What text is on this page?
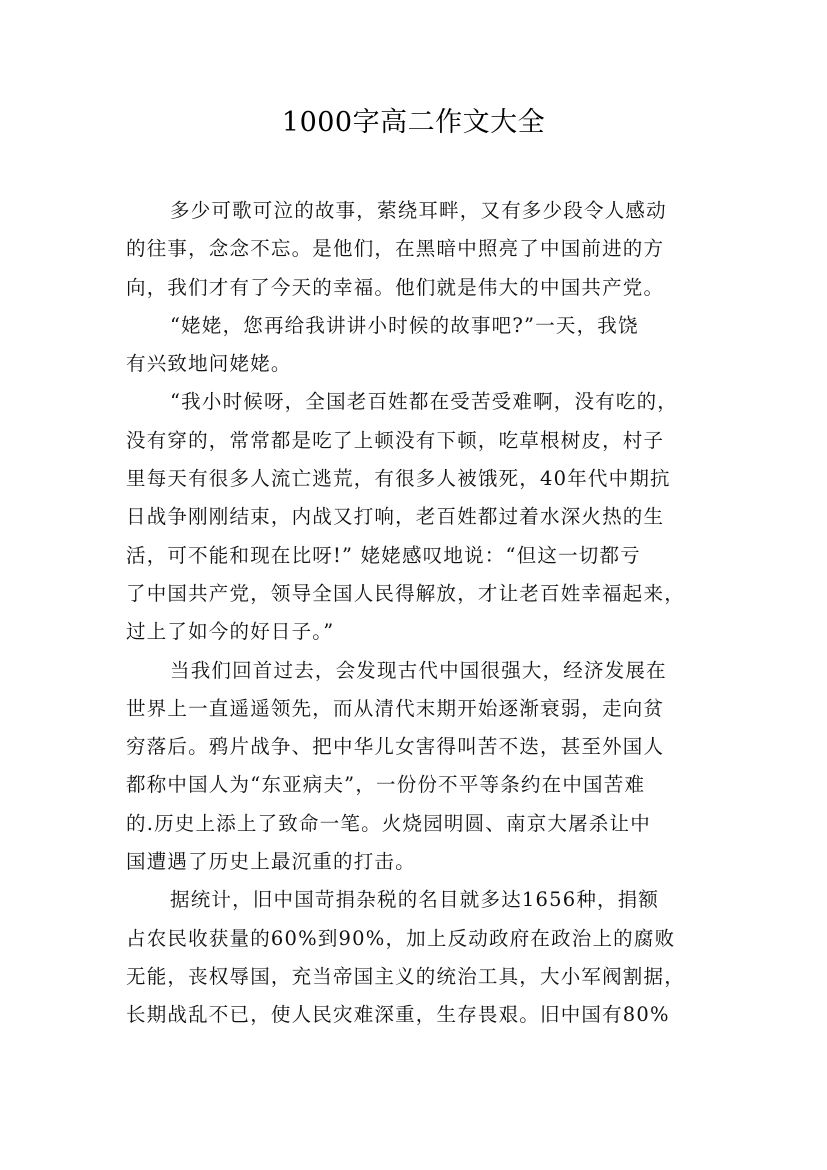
1000字高二作文大全

多少可歌可泣的故事，萦绕耳畔，又有多少段令人感动
的往事，念念不忘。是他们，在黑暗中照亮了中国前进的方
向，我们才有了今天的幸福。他们就是伟大的中国共产党。

“姥姥，您再给我讲讲小时候的故事吧?”一天，我饶
有兴致地问姥姥。

“我小时候呀，全国老百姓都在受苦受难啊，没有吃的，
没有穿的，常常都是吃了上顿没有下顿，吃草根树皮，村子
里每天有很多人流亡逃荒，有很多人被饿死，40年代中期抗
日战争刚刚结束，内战又打响，老百姓都过着水深火热的生
活，可不能和现在比呀!” 姥姥感叹地说：“但这一切都亏
了中国共产党，领导全国人民得解放，才让老百姓幸福起来，
过上了如今的好日子。”

当我们回首过去，会发现古代中国很强大，经济发展在
世界上一直遥遥领先，而从清代末期开始逐渐衰弱，走向贫
穷落后。鸦片战争、把中华儿女害得叫苦不迭，甚至外国人
都称中国人为“东亚病夫”，一份份不平等条约在中国苦难
的.历史上添上了致命一笔。火烧园明圆、南京大屠杀让中
国遭遇了历史上最沉重的打击。

据统计，旧中国苛捐杂税的名目就多达1656种，捐额
占农民收获量的60%到90%，加上反动政府在政治上的腐败
无能，丧权辱国，充当帝国主义的统治工具，大小军阀割据，
长期战乱不已，使人民灾难深重，生存畏艰。旧中国有80%
